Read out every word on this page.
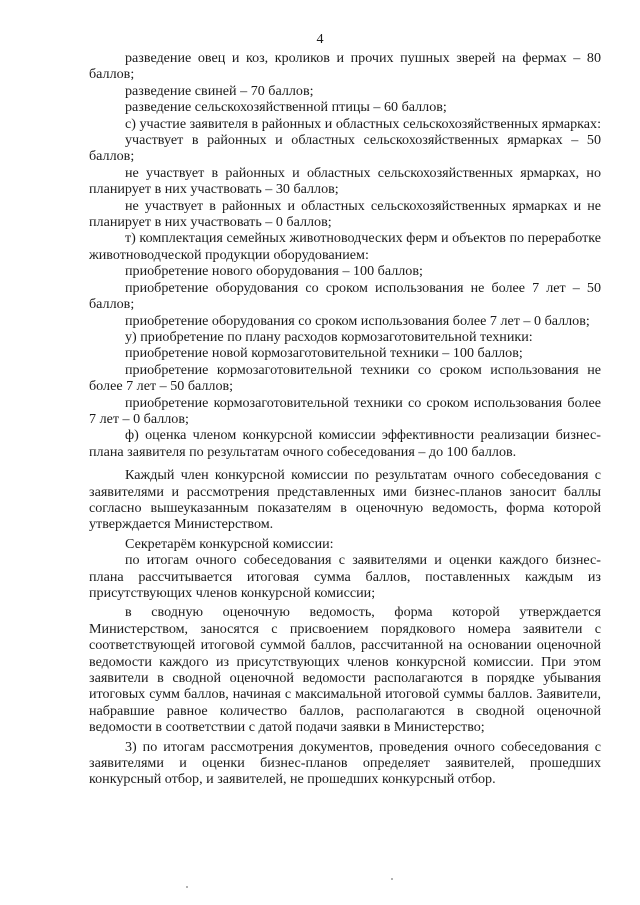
4

разведение овец и коз, кроликов и прочих пушных зверей на фермах – 80 баллов;

разведение свиней – 70 баллов;

разведение сельскохозяйственной птицы – 60 баллов;

с) участие заявителя в районных и областных сельскохозяйственных ярмарках:

участвует в районных и областных сельскохозяйственных ярмарках – 50 баллов;

не участвует в районных и областных сельскохозяйственных ярмарках, но планирует в них участвовать – 30 баллов;

не участвует в районных и областных сельскохозяйственных ярмарках и не планирует в них участвовать – 0 баллов;

т) комплектация семейных животноводческих ферм и объектов по переработке животноводческой продукции оборудованием:

приобретение нового оборудования – 100 баллов;

приобретение оборудования со сроком использования не более 7 лет – 50 баллов;

приобретение оборудования со сроком использования более 7 лет – 0 баллов;

у) приобретение по плану расходов кормозаготовительной техники:

приобретение новой кормозаготовительной техники – 100 баллов;

приобретение кормозаготовительной техники со сроком использования не более 7 лет – 50 баллов;

приобретение кормозаготовительной техники со сроком использования более 7 лет – 0 баллов;

ф) оценка членом конкурсной комиссии эффективности реализации бизнес-плана заявителя по результатам очного собеседования – до 100 баллов.

Каждый член конкурсной комиссии по результатам очного собеседования с заявителями и рассмотрения представленных ими бизнес-планов заносит баллы согласно вышеуказанным показателям в оценочную ведомость, форма которой утверждается Министерством.

Секретарём конкурсной комиссии:

по итогам очного собеседования с заявителями и оценки каждого бизнес-плана рассчитывается итоговая сумма баллов, поставленных каждым из присутствующих членов конкурсной комиссии;

в сводную оценочную ведомость, форма которой утверждается Министерством, заносятся с присвоением порядкового номера заявители с соответствующей итоговой суммой баллов, рассчитанной на основании оценочной ведомости каждого из присутствующих членов конкурсной комиссии. При этом заявители в сводной оценочной ведомости располагаются в порядке убывания итоговых сумм баллов, начиная с максимальной итоговой суммы баллов. Заявители, набравшие равное количество баллов, располагаются в сводной оценочной ведомости в соответствии с датой подачи заявки в Министерство;

3) по итогам рассмотрения документов, проведения очного собеседования с заявителями и оценки бизнес-планов определяет заявителей, прошедших конкурсный отбор, и заявителей, не прошедших конкурсный отбор.
